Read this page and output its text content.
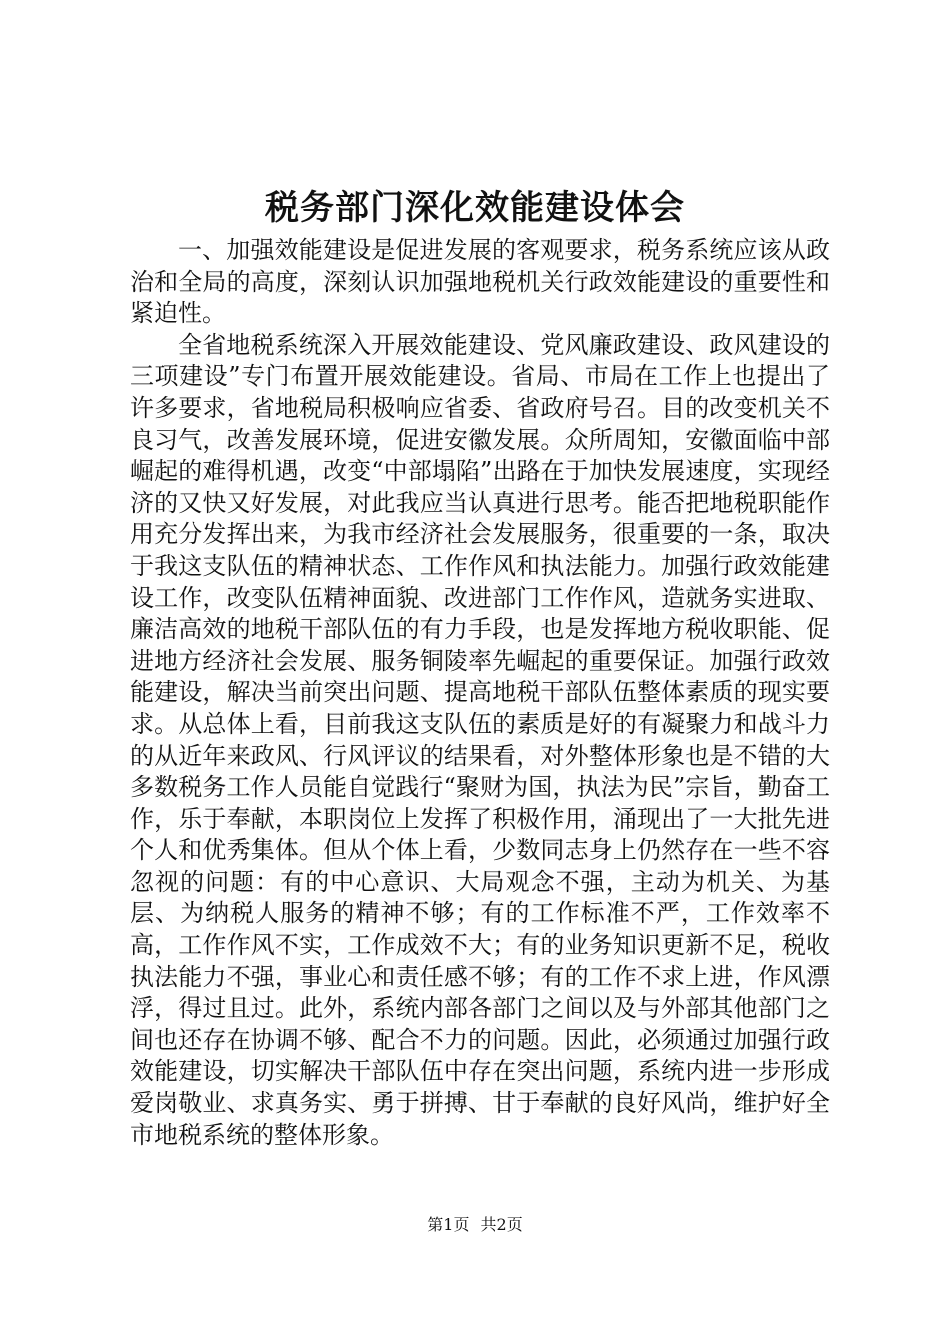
税务部门深化效能建设体会

一、加强效能建设是促进发展的客观要求，税务系统应该从政治和全局的高度，深刻认识加强地税机关行政效能建设的重要性和紧迫性。

全省地税系统深入开展效能建设、党风廉政建设、政风建设的三项建设”专门布置开展效能建设。省局、市局在工作上也提出了许多要求，省地税局积极响应省委、省政府号召。目的改变机关不良习气，改善发展环境，促进安徽发展。众所周知，安徽面临中部崛起的难得机遇，改变“中部塌陷”出路在于加快发展速度，实现经济的又快又好发展，对此我应当认真进行思考。能否把地税职能作用充分发挥出来，为我市经济社会发展服务，很重要的一条，取决于我这支队伍的精神状态、工作作风和执法能力。加强行政效能建设工作，改变队伍精神面貌、改进部门工作作风，造就务实进取、廉洁高效的地税干部队伍的有力手段，也是发挥地方税收职能、促进地方经济社会发展、服务铜陵率先崛起的重要保证。加强行政效能建设，解决当前突出问题、提高地税干部队伍整体素质的现实要求。从总体上看，目前我这支队伍的素质是好的有凝聚力和战斗力的从近年来政风、行风评议的结果看，对外整体形象也是不错的大多数税务工作人员能自觉践行“聚财为国，执法为民”宗旨，勤奋工作，乐于奉献，本职岗位上发挥了积极作用，涌现出了一大批先进个人和优秀集体。但从个体上看，少数同志身上仍然存在一些不容忽视的问题：有的中心意识、大局观念不强，主动为机关、为基层、为纳税人服务的精神不够；有的工作标准不严，工作效率不高，工作作风不实，工作成效不大；有的业务知识更新不足，税收执法能力不强，事业心和责任感不够；有的工作不求上进，作风漂浮，得过且过。此外，系统内部各部门之间以及与外部其他部门之间也还存在协调不够、配合不力的问题。因此，必须通过加强行政效能建设，切实解决干部队伍中存在突出问题，系统内进一步形成爱岗敬业、求真务实、勇于拼搏、甘于奉献的良好风尚，维护好全市地税系统的整体形象。

第1页 共2页
